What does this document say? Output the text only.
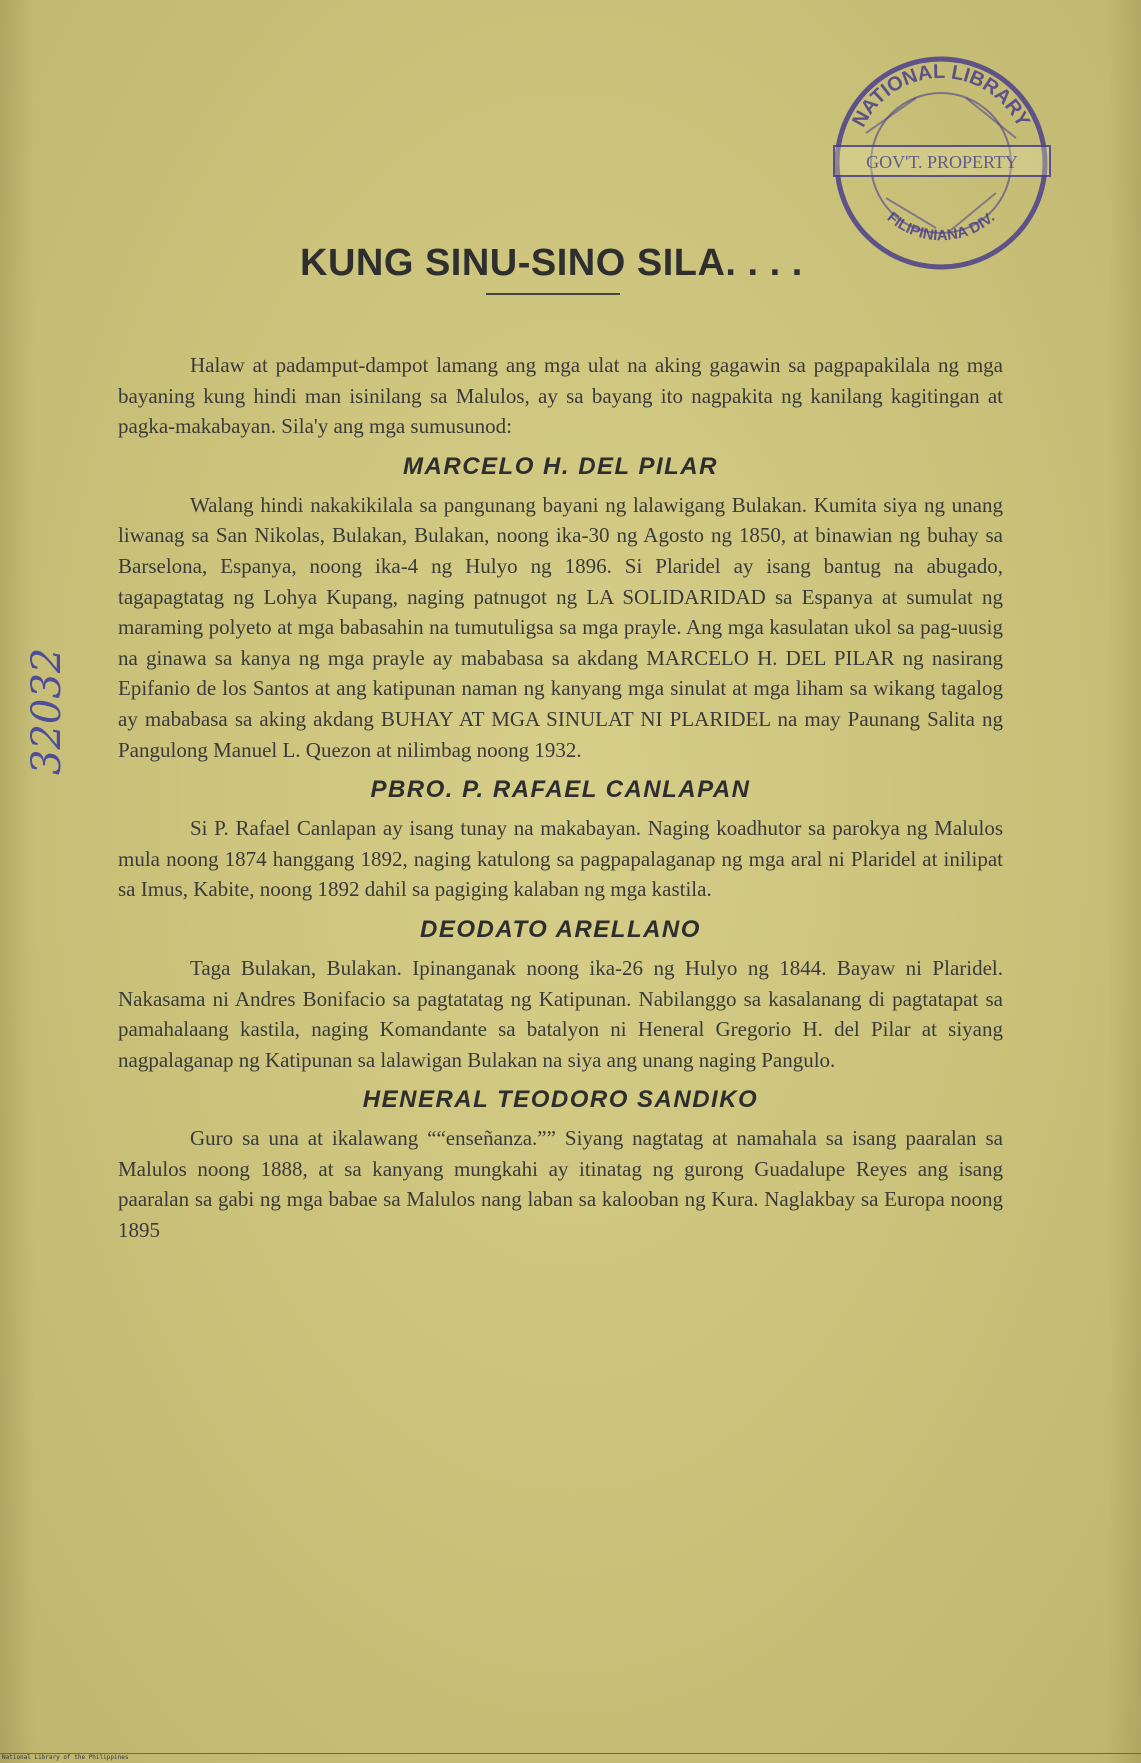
NATIONAL LIBRARY
GOV'T. PROPERTY
FILIPINIANA DIV.
32032
KUNG SINU-SINO SILA. . . .

Halaw at padamput-dampot lamang ang mga ulat na aking gagawin sa pagpapakilala ng mga bayaning kung hindi man isinilang sa Malulos, ay sa bayang ito nagpakita ng kanilang kagitingan at pagka-makabayan. Sila'y ang mga sumusunod:

MARCELO H. DEL PILAR

Walang hindi nakakikilala sa pangunang bayani ng lalawigang Bulakan. Kumita siya ng unang liwanag sa San Nikolas, Bulakan, Bulakan, noong ika-30 ng Agosto ng 1850, at binawian ng buhay sa Barselona, Espanya, noong ika-4 ng Hulyo ng 1896. Si Plaridel ay isang bantug na abugado, tagapagtatag ng Lohya Kupang, naging patnugot ng LA SOLIDARIDAD sa Espanya at sumulat ng maraming polyeto at mga babasahin na tumutuligsa sa mga prayle. Ang mga kasulatan ukol sa pag-uusig na ginawa sa kanya ng mga prayle ay mababasa sa akdang MARCELO H. DEL PILAR ng nasirang Epifanio de los Santos at ang katipunan naman ng kanyang mga sinulat at mga liham sa wikang tagalog ay mababasa sa aking akdang BUHAY AT MGA SINULAT NI PLARIDEL na may Paunang Salita ng Pangulong Manuel L. Quezon at nilimbag noong 1932.

PBRO. P. RAFAEL CANLAPAN

Si P. Rafael Canlapan ay isang tunay na makabayan. Naging koadhutor sa parokya ng Malulos mula noong 1874 hanggang 1892, naging katulong sa pagpapalaganap ng mga aral ni Plaridel at inilipat sa Imus, Kabite, noong 1892 dahil sa pagiging kalaban ng mga kastila.

DEODATO ARELLANO

Taga Bulakan, Bulakan. Ipinanganak noong ika-26 ng Hulyo ng 1844. Bayaw ni Plaridel. Nakasama ni Andres Bonifacio sa pagtatatag ng Katipunan. Nabilanggo sa kasalanang di pagtatapat sa pamahalaang kastila, naging Komandante sa batalyon ni Heneral Gregorio H. del Pilar at siyang nagpalaganap ng Katipunan sa lalawigan Bulakan na siya ang unang naging Pangulo.

HENERAL TEODORO SANDIKO

Guro sa una at ikalawang ““enseñanza.”” Siyang nagtatag at namahala sa isang paaralan sa Malulos noong 1888, at sa kanyang mungkahi ay itinatag ng gurong Guadalupe Reyes ang isang paaralan sa gabi ng mga babae sa Malulos nang laban sa kalooban ng Kura. Naglakbay sa Europa noong 1895

National Library of the Philippines
